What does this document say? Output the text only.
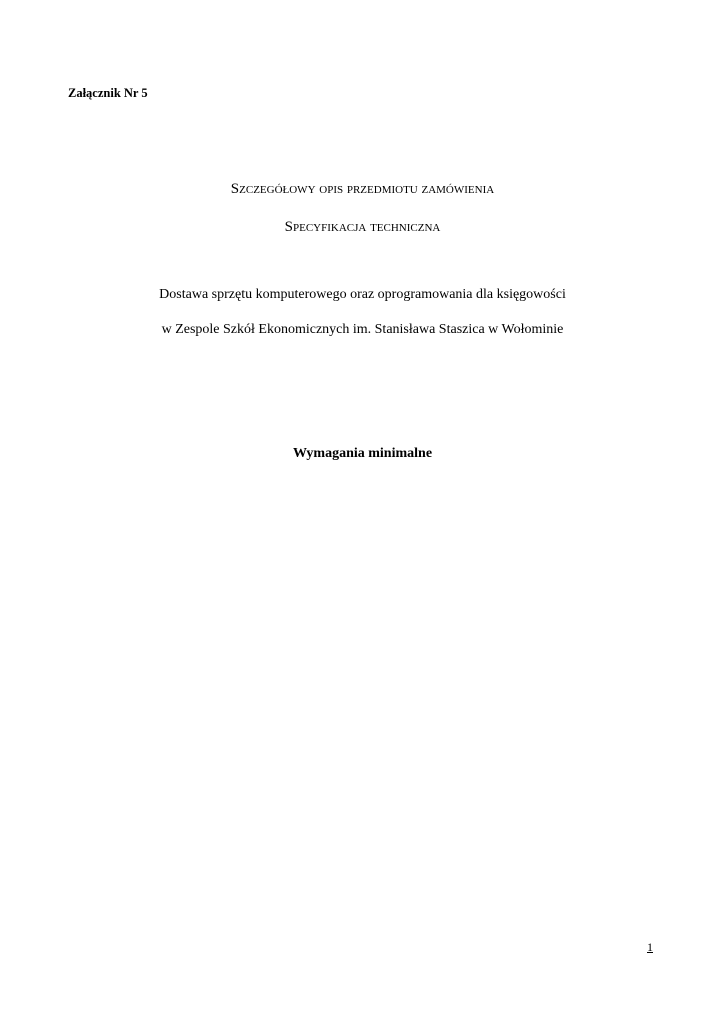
Załącznik Nr 5

Szczegółowy opis przedmiotu zamówienia

Specyfikacja techniczna

Dostawa sprzętu komputerowego oraz oprogramowania dla księgowości

w Zespole Szkół Ekonomicznych im. Stanisława Staszica w Wołominie

Wymagania minimalne

1
